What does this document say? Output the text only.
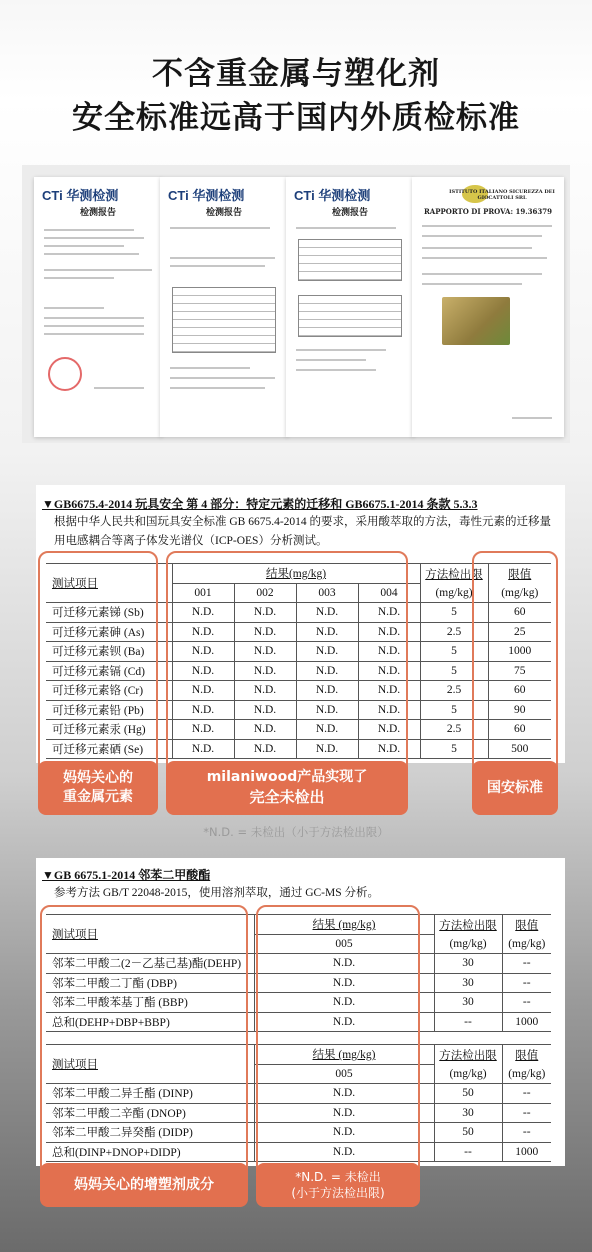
不含重金属与塑化剂
安全标准远高于国内外质检标准
CTi 华测检测
检测报告
CTi 华测检测
检测报告
CTi 华测检测
检测报告
ISTITUTO ITALIANO SICUREZZA DEI GIOCATTOLI SRL
RAPPORTO DI PROVA: 19.36379
▼GB6675.4-2014 玩具安全 第 4 部分：特定元素的迁移和 GB6675.1-2014 条款 5.3.3
根据中华人民共和国玩具安全标准 GB 6675.4-2014 的要求，采用酸萃取的方法，毒性元素的迁移量用电感耦合等离子体发光谱仪（ICP-OES）分析测试。
测试项目	结果(mg/kg)				方法检出限	限值
	001	002	003	004	(mg/kg)	(mg/kg)
可迁移元素锑 (Sb)	N.D.	N.D.	N.D.	N.D.	5	60
可迁移元素砷 (As)	N.D.	N.D.	N.D.	N.D.	2.5	25
可迁移元素钡 (Ba)	N.D.	N.D.	N.D.	N.D.	5	1000
可迁移元素镉 (Cd)	N.D.	N.D.	N.D.	N.D.	5	75
可迁移元素铬 (Cr)	N.D.	N.D.	N.D.	N.D.	2.5	60
可迁移元素铅 (Pb)	N.D.	N.D.	N.D.	N.D.	5	90
可迁移元素汞 (Hg)	N.D.	N.D.	N.D.	N.D.	2.5	60
可迁移元素硒 (Se)	N.D.	N.D.	N.D.	N.D.	5	500
妈妈关心的
重金属元素
milaniwood产品实现了
完全未检出
国安标准
*N.D. = 未检出（小于方法检出限）
▼GB 6675.1-2014 邻苯二甲酸酯
参考方法 GB/T 22048-2015，使用溶剂萃取，通过 GC-MS 分析。
测试项目	结果 (mg/kg)	方法检出限	限值
	005	(mg/kg)	(mg/kg)
邻苯二甲酸二(2－乙基己基)酯(DEHP)	N.D.	30	--
邻苯二甲酸二丁酯 (DBP)	N.D.	30	--
邻苯二甲酸苯基丁酯 (BBP)	N.D.	30	--
总和(DEHP+DBP+BBP)	N.D.	--	1000
测试项目	结果 (mg/kg)	方法检出限	限值
	005	(mg/kg)	(mg/kg)
邻苯二甲酸二异壬酯 (DINP)	N.D.	50	--
邻苯二甲酸二辛酯 (DNOP)	N.D.	30	--
邻苯二甲酸二异癸酯 (DIDP)	N.D.	50	--
总和(DINP+DNOP+DIDP)	N.D.	--	1000
妈妈关心的增塑剂成分	*N.D. = 未检出
(小于方法检出限)
